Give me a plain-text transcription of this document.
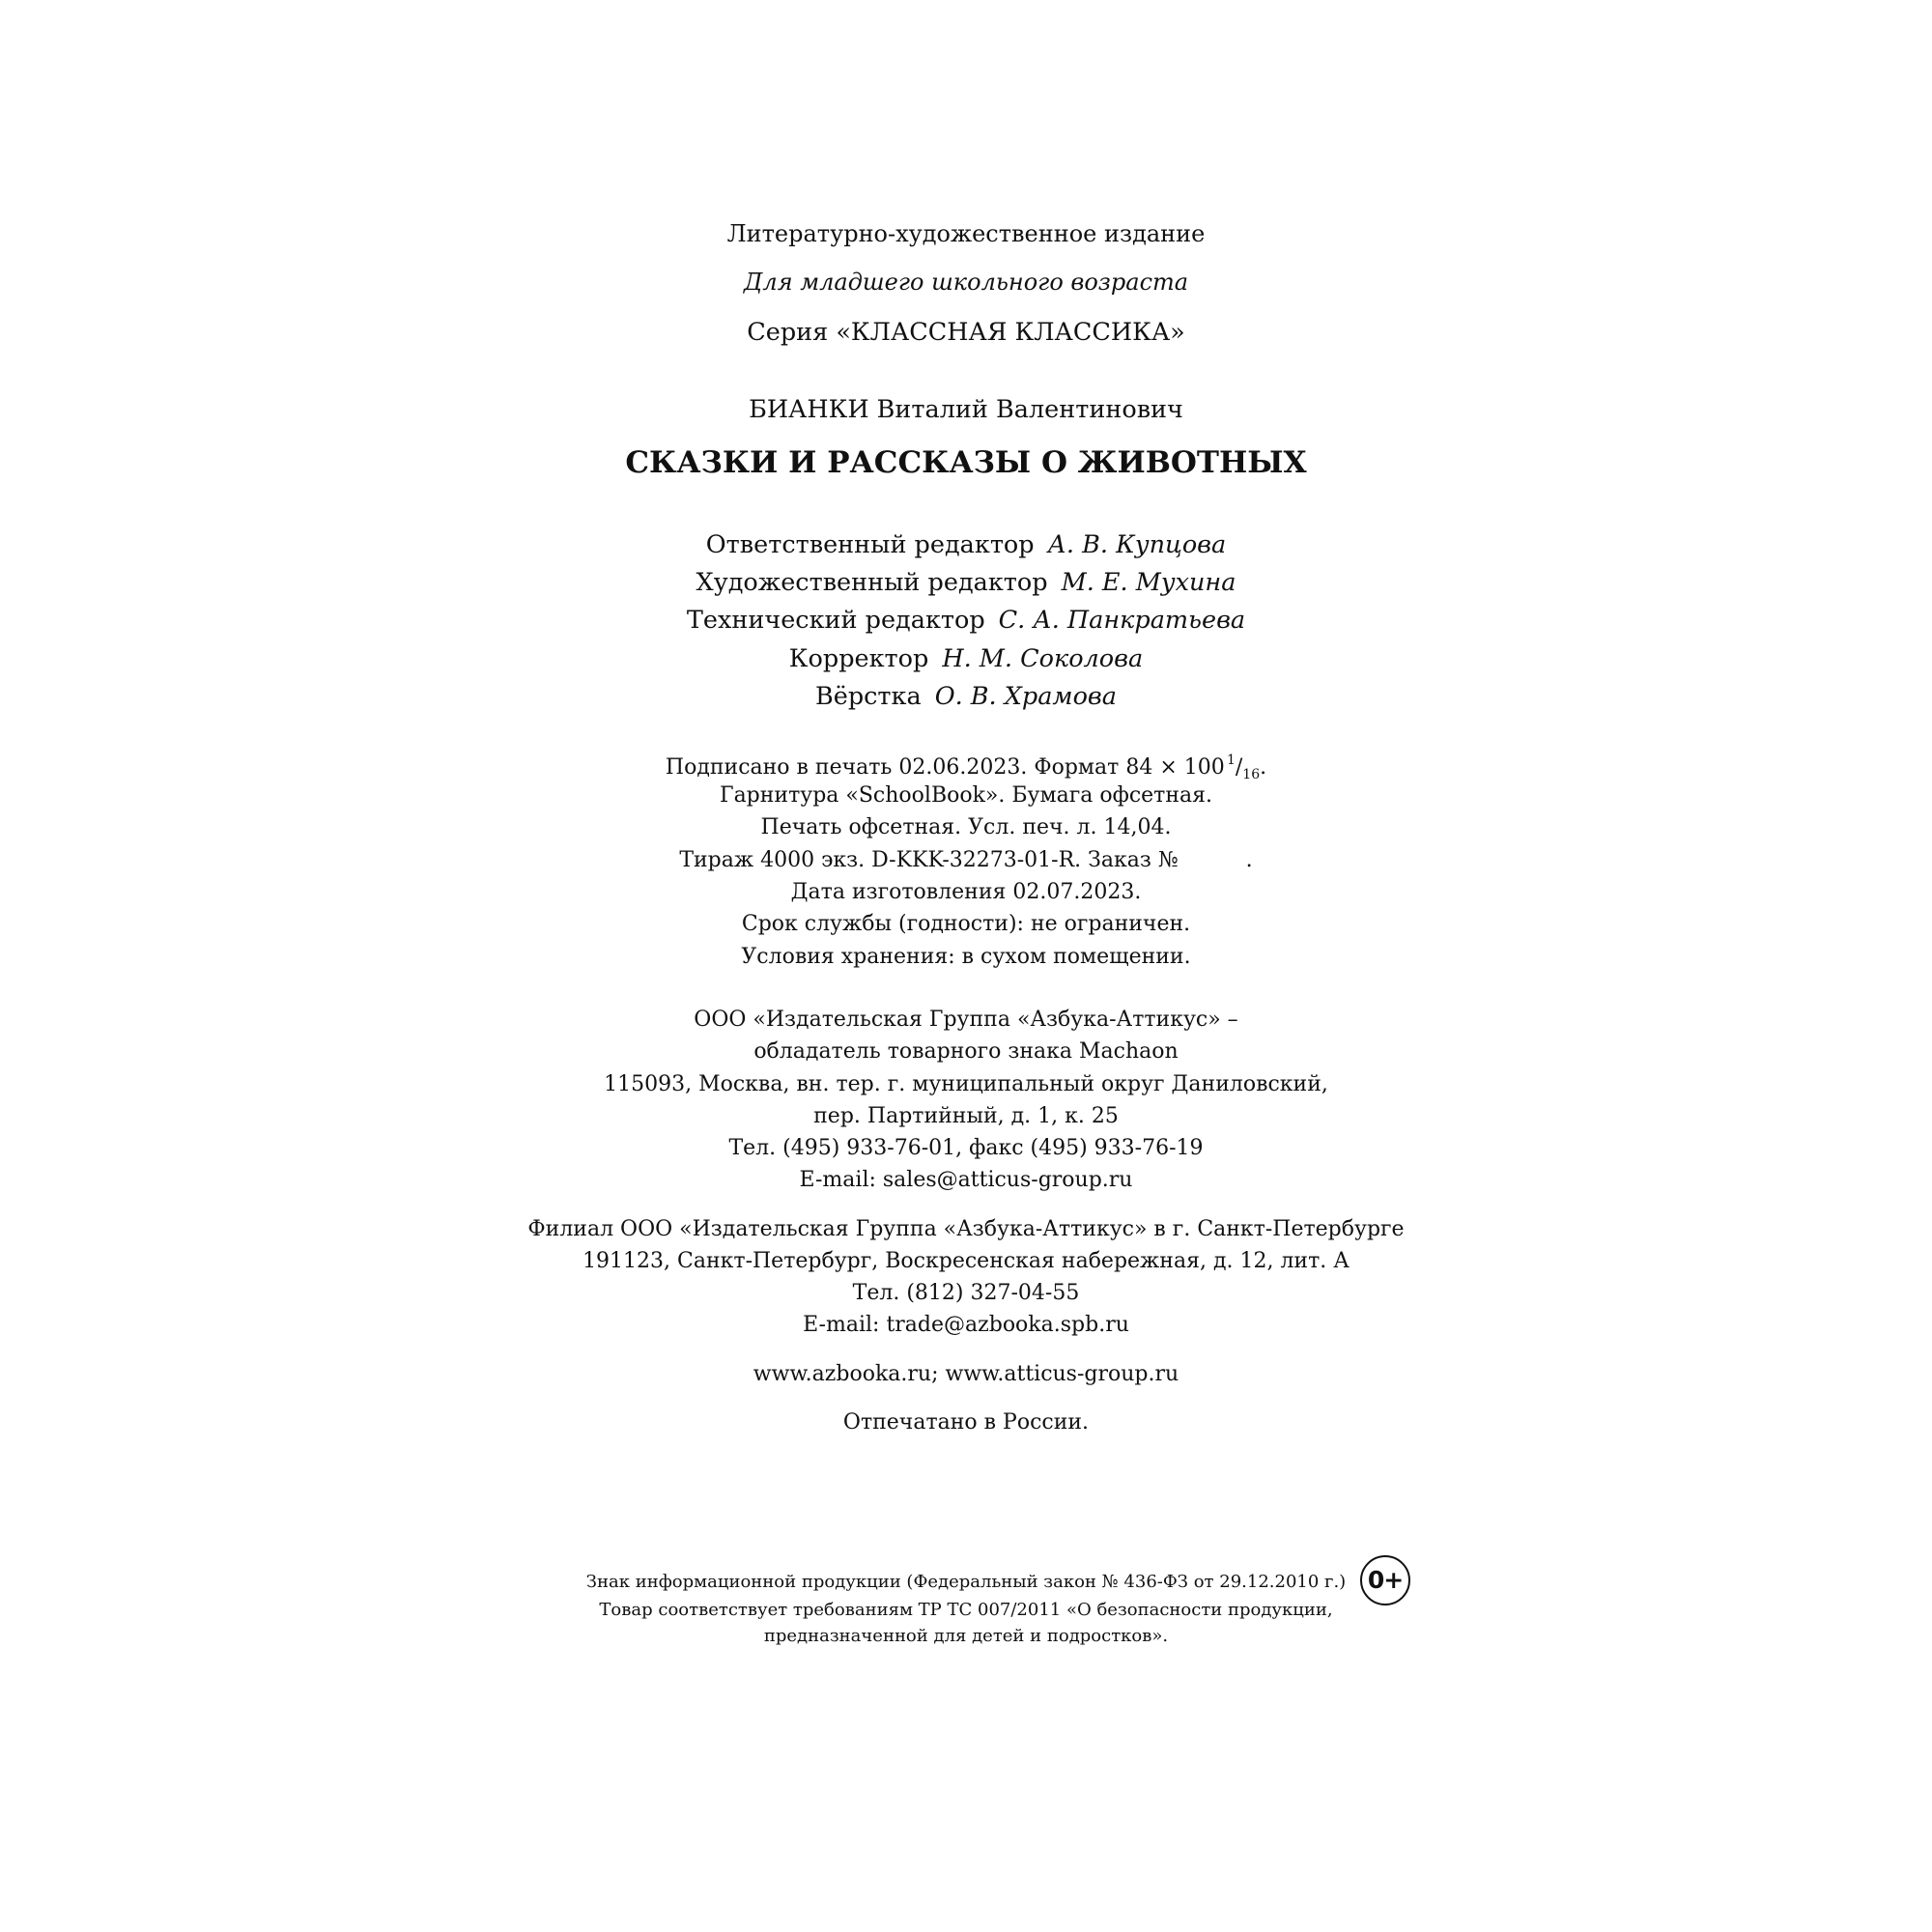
Литературно-художественное издание
Для младшего школьного возраста
Серия «КЛАССНАЯ КЛАССИКА»
БИАНКИ Виталий Валентинович
СКАЗКИ И РАССКАЗЫ О ЖИВОТНЫХ
Ответственный редактор А. В. Купцова
Художественный редактор М. Е. Мухина
Технический редактор С. А. Панкратьева
Корректор Н. М. Соколова
Вёрстка О. В. Храмова
Подписано в печать 02.06.2023. Формат 84 × 100  $^1/_{16}$.
Гарнитура «SchoolBook». Бумага офсетная.
Печать офсетная. Усл. печ. л. 14,04.
Тираж 4000 экз. D-KKK-32273-01-R. Заказ №	.
Дата изготовления 02.07.2023.
Срок службы (годности): не ограничен.
Условия хранения: в сухом помещении.
ООО «Издательская Группа «Азбука-Аттикус» –
обладатель товарного знака Machaon
115093, Москва, вн. тер. г. муниципальный округ Даниловский,
пер. Партийный, д. 1, к. 25
Тел. (495) 933-76-01, факс (495) 933-76-19
E-mail: sales@atticus-group.ru
Филиал ООО «Издательская Группа «Азбука-Аттикус» в г. Санкт-Петербурге
191123, Санкт-Петербург, Воскресенская набережная, д. 12, лит. А
Тел. (812) 327-04-55
E-mail: trade@azbooka.spb.ru
www.azbooka.ru; www.atticus-group.ru
Отпечатано в России.
Знак информационной продукции (Федеральный закон № 436-ФЗ от 29.12.2010 г.) 0+
Товар соответствует требованиям ТР ТС 007/2011 «О безопасности продукции,
предназначенной для детей и подростков».
